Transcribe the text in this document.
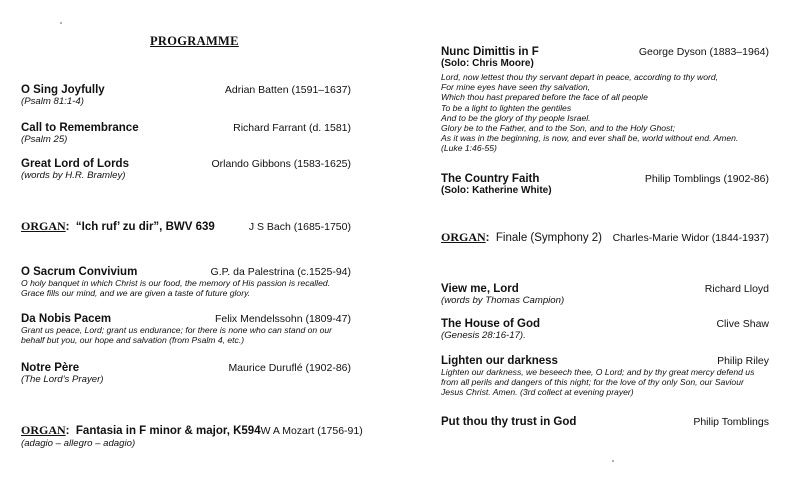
PROGRAMME
O Sing Joyfully	Adrian Batten (1591–1637)
(Psalm 81:1-4)
Call to Remembrance	Richard Farrant (d. 1581)
(Psalm 25)
Great Lord of Lords	Orlando Gibbons (1583-1625)
(words by H.R. Bramley)
ORGAN:  “Ich ruf’ zu dir”, BWV 639	J S Bach (1685-1750)
O Sacrum Convivium	G.P. da Palestrina (c.1525-94)
O holy banquet in which Christ is our food, the memory of His passion is recalled.
Grace fills our mind, and we are given a taste of future glory.
Da Nobis Pacem	Felix Mendelssohn (1809-47)
Grant us peace, Lord; grant us endurance; for there is none who can stand on our
behalf but you, our hope and salvation (from Psalm 4, etc.)
Notre Père	Maurice Duruflé (1902-86)
(The Lord’s Prayer)
ORGAN:  Fantasia in F minor & major, K594 W A Mozart (1756-91)
(adagio – allegro – adagio)
Nunc Dimittis in F	George Dyson (1883–1964)
(Solo: Chris Moore)
Lord, now lettest thou thy servant depart in peace, according to thy word,
For mine eyes have seen thy salvation,
Which thou hast prepared before the face of all people
To be a light to lighten the gentiles
And to be the glory of thy people Israel.
Glory be to the Father, and to the Son, and to the Holy Ghost;
As it was in the beginning, is now, and ever shall be, world without end. Amen.
(Luke 1:46-55)
The Country Faith	Philip Tomblings (1902-86)
(Solo: Katherine White)
ORGAN:  Finale (Symphony 2) Charles-Marie Widor (1844-1937)
View me, Lord	Richard Lloyd
(words by Thomas Campion)
The House of God	Clive Shaw
(Genesis 28:16-17).
Lighten our darkness	Philip Riley
Lighten our darkness, we beseech thee, O Lord; and by thy great mercy defend us
from all perils and dangers of this night; for the love of thy only Son, our Saviour
Jesus Christ. Amen. (3rd collect at evening prayer)
Put thou thy trust in God	Philip Tomblings
